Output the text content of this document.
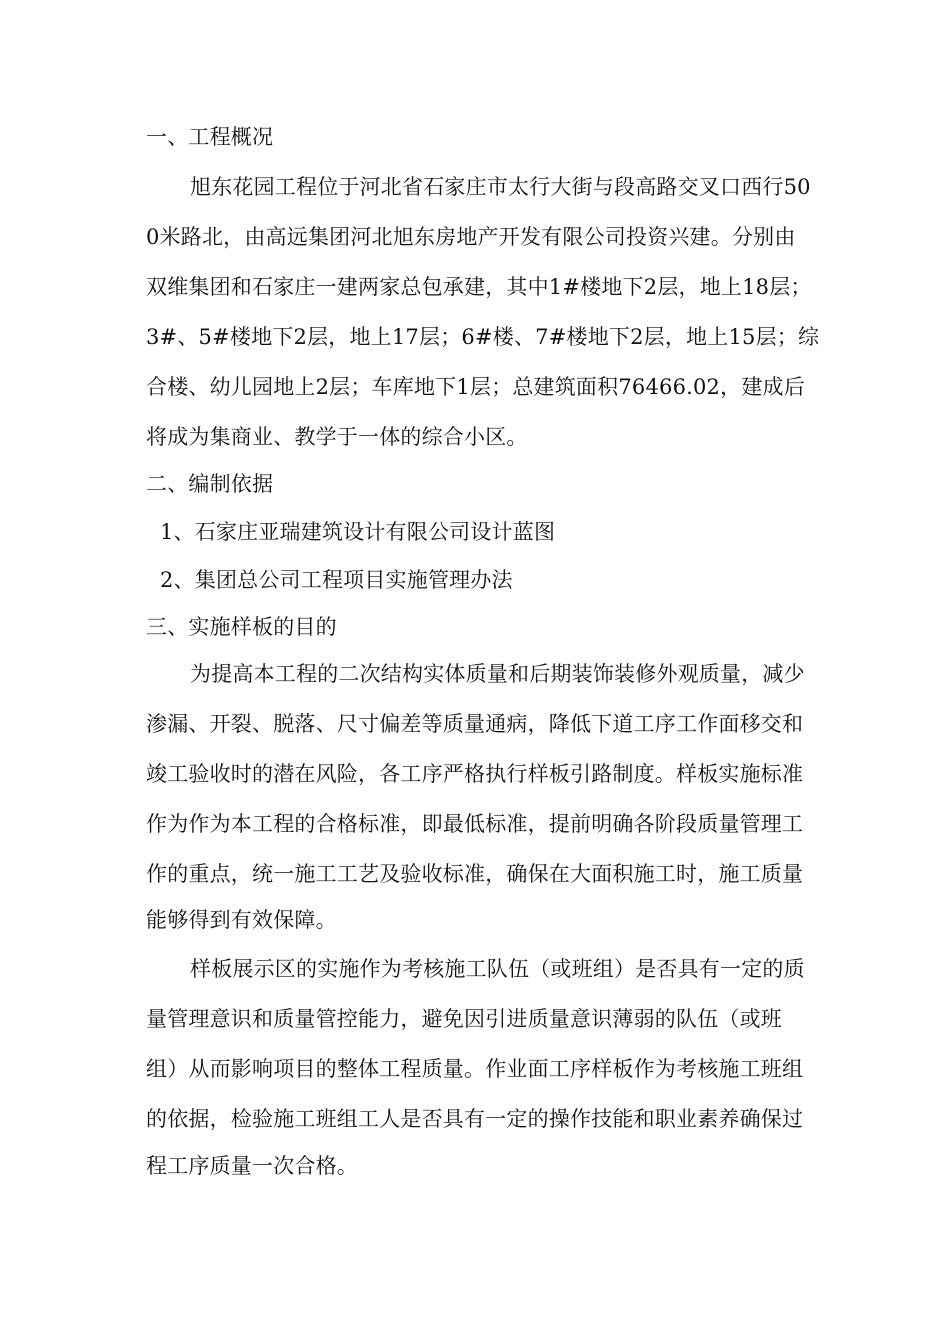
一、工程概况
旭东花园工程位于河北省石家庄市太行大街与段高路交叉口西行50
0米路北，由高远集团河北旭东房地产开发有限公司投资兴建。分别由
双维集团和石家庄一建两家总包承建，其中1#楼地下2层，地上18层；
3#、5#楼地下2层，地上17层；6#楼、7#楼地下2层，地上15层；综
合楼、幼儿园地上2层；车库地下1层；总建筑面积76466.02，建成后
将成为集商业、教学于一体的综合小区。
二、编制依据
1、石家庄亚瑞建筑设计有限公司设计蓝图
2、集团总公司工程项目实施管理办法
三、实施样板的目的
为提高本工程的二次结构实体质量和后期装饰装修外观质量，减少
渗漏、开裂、脱落、尺寸偏差等质量通病，降低下道工序工作面移交和
竣工验收时的潜在风险，各工序严格执行样板引路制度。样板实施标准
作为作为本工程的合格标准，即最低标准，提前明确各阶段质量管理工
作的重点，统一施工工艺及验收标准，确保在大面积施工时，施工质量
能够得到有效保障。
样板展示区的实施作为考核施工队伍（或班组）是否具有一定的质
量管理意识和质量管控能力，避免因引进质量意识薄弱的队伍（或班
组）从而影响项目的整体工程质量。作业面工序样板作为考核施工班组
的依据，检验施工班组工人是否具有一定的操作技能和职业素养确保过
程工序质量一次合格。
